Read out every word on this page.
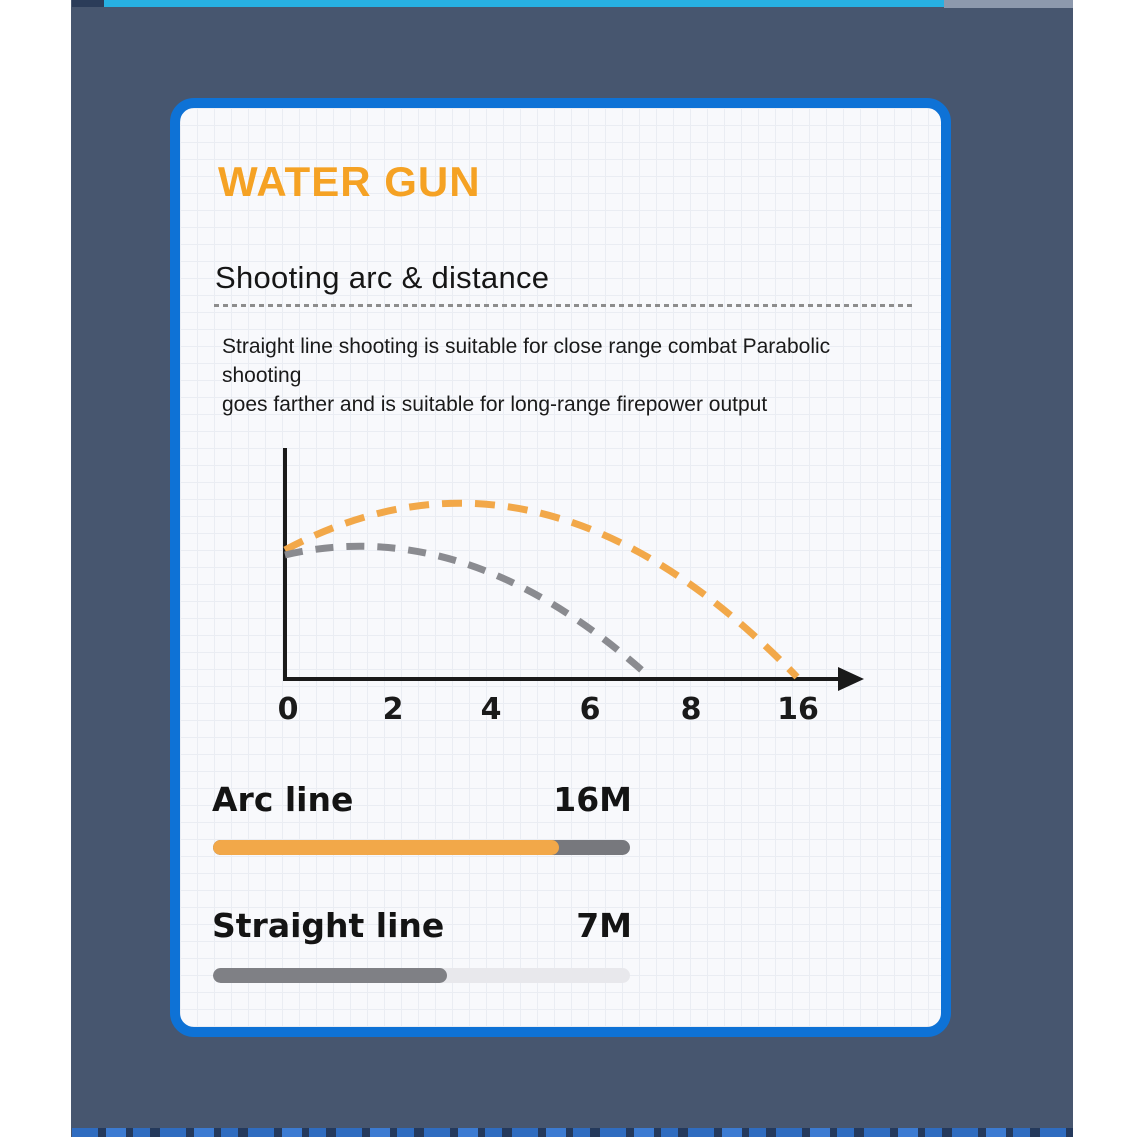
WATER GUN
Shooting arc & distance
Straight line shooting is suitable for close range combat Parabolic shooting
goes farther and is suitable for long-range firepower output
0	2	4	6	8	16
Arc line	16M
Straight line	7M
